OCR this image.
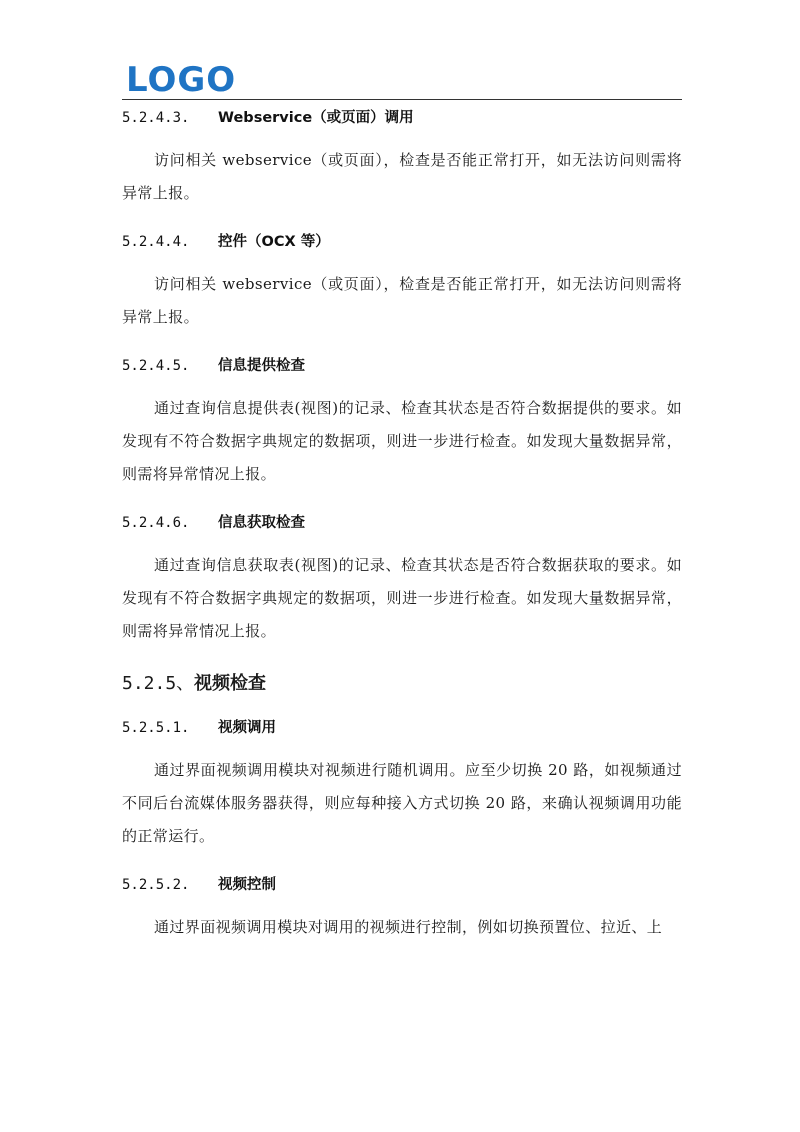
LOGO
5.2.4.3. Webservice（或页面）调用
访问相关 webservice（或页面），检查是否能正常打开，如无法访问则需将异常上报。
5.2.4.4. 控件（OCX 等）
访问相关 webservice（或页面），检查是否能正常打开，如无法访问则需将异常上报。
5.2.4.5. 信息提供检查
通过查询信息提供表(视图)的记录、检查其状态是否符合数据提供的要求。如发现有不符合数据字典规定的数据项，则进一步进行检查。如发现大量数据异常，则需将异常情况上报。
5.2.4.6. 信息获取检查
通过查询信息获取表(视图)的记录、检查其状态是否符合数据获取的要求。如发现有不符合数据字典规定的数据项，则进一步进行检查。如发现大量数据异常，则需将异常情况上报。
5.2.5、视频检查
5.2.5.1. 视频调用
通过界面视频调用模块对视频进行随机调用。应至少切换 20 路，如视频通过不同后台流媒体服务器获得，则应每种接入方式切换 20 路，来确认视频调用功能的正常运行。
5.2.5.2. 视频控制
通过界面视频调用模块对调用的视频进行控制，例如切换预置位、拉近、上
